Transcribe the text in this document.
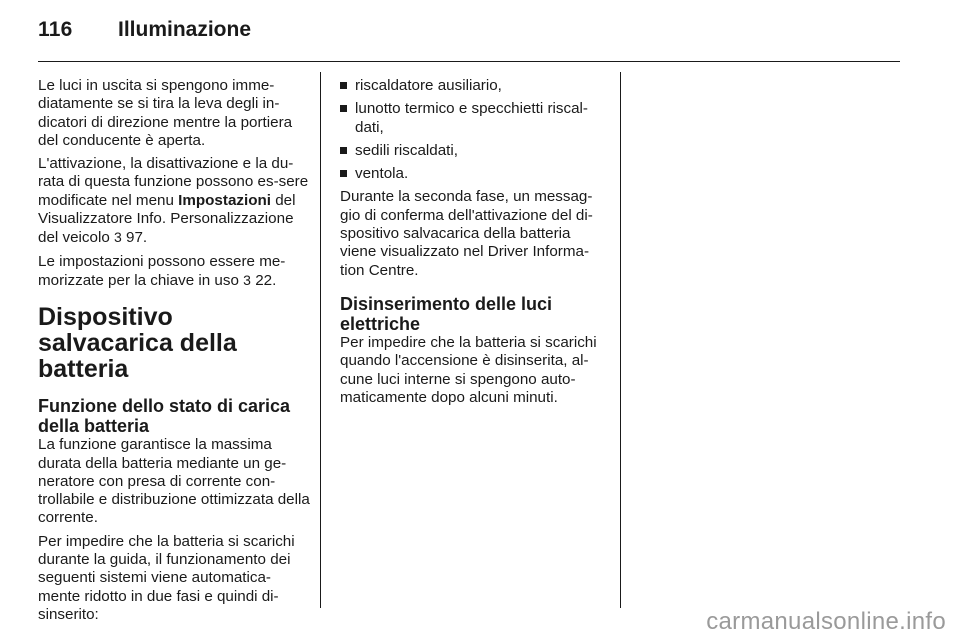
116 Illuminazione

Le luci in uscita si spengono imme-diatamente se si tira la leva degli in-dicatori di direzione mentre la portiera del conducente è aperta.

L'attivazione, la disattivazione e la du-rata di questa funzione possono es-sere modificate nel menu Impostazioni del Visualizzatore Info. Personalizzazione del veicolo 3 97.

Le impostazioni possono essere me-morizzate per la chiave in uso 3 22.

Dispositivo salvacarica della batteria
Funzione dello stato di carica della batteria

La funzione garantisce la massima durata della batteria mediante un ge-neratore con presa di corrente con-trollabile e distribuzione ottimizzata della corrente.

Per impedire che la batteria si scarichi durante la guida, il funzionamento dei seguenti sistemi viene automatica-mente ridotto in due fasi e quindi di-sinserito:

riscaldatore ausiliario,
lunotto termico e specchietti riscal-dati,
sedili riscaldati,
ventola.

Durante la seconda fase, un messag-gio di conferma dell'attivazione del di-spositivo salvacarica della batteria viene visualizzato nel Driver Informa-tion Centre.

Disinserimento delle luci elettriche

Per impedire che la batteria si scarichi quando l'accensione è disinserita, al-cune luci interne si spengono auto-maticamente dopo alcuni minuti.

carmanualsonline.info
